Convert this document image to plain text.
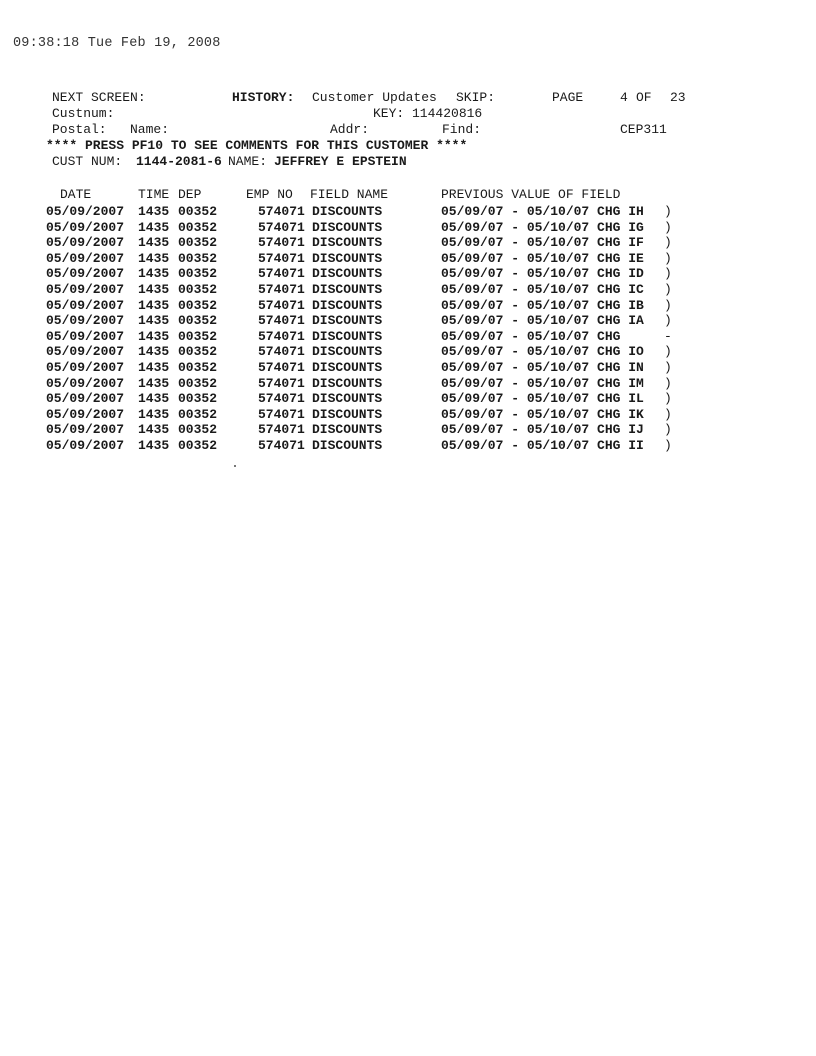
09:38:18 Tue Feb 19, 2008
NEXT SCREEN:	HISTORY: Customer Updates SKIP:	PAGE	4 OF 23
Custnum:	KEY: 114420816
Postal: Name:	Addr:	Find:	CEP311
**** PRESS PF10 TO SEE COMMENTS FOR THIS CUSTOMER ****
CUST NUM: 1144-2081-6 NAME: JEFFREY E EPSTEIN
DATE	TIME DEP	EMP NO FIELD NAME	PREVIOUS VALUE OF FIELD
05/09/2007 1435 00352	574071 DISCOUNTS	05/09/07 - 05/10/07 CHG IH )
05/09/2007 1435 00352	574071 DISCOUNTS	05/09/07 - 05/10/07 CHG IG )
05/09/2007 1435 00352	574071 DISCOUNTS	05/09/07 - 05/10/07 CHG IF )
05/09/2007 1435 00352	574071 DISCOUNTS	05/09/07 - 05/10/07 CHG IE )
05/09/2007 1435 00352	574071 DISCOUNTS	05/09/07 - 05/10/07 CHG ID )
05/09/2007 1435 00352	574071 DISCOUNTS	05/09/07 - 05/10/07 CHG IC )
05/09/2007 1435 00352	574071 DISCOUNTS	05/09/07 - 05/10/07 CHG IB )
05/09/2007 1435 00352	574071 DISCOUNTS	05/09/07 - 05/10/07 CHG IA )
05/09/2007 1435 00352	574071 DISCOUNTS	05/09/07 - 05/10/07 CHG	-
05/09/2007 1435 00352	574071 DISCOUNTS	05/09/07 - 05/10/07 CHG IO )
05/09/2007 1435 00352	574071 DISCOUNTS	05/09/07 - 05/10/07 CHG IN )
05/09/2007 1435 00352	574071 DISCOUNTS	05/09/07 - 05/10/07 CHG IM )
05/09/2007 1435 00352	574071 DISCOUNTS	05/09/07 - 05/10/07 CHG IL )
05/09/2007 1435 00352	574071 DISCOUNTS	05/09/07 - 05/10/07 CHG IK )
05/09/2007 1435 00352	574071 DISCOUNTS	05/09/07 - 05/10/07 CHG IJ )
05/09/2007 1435 00352	574071 DISCOUNTS	05/09/07 - 05/10/07 CHG II )
